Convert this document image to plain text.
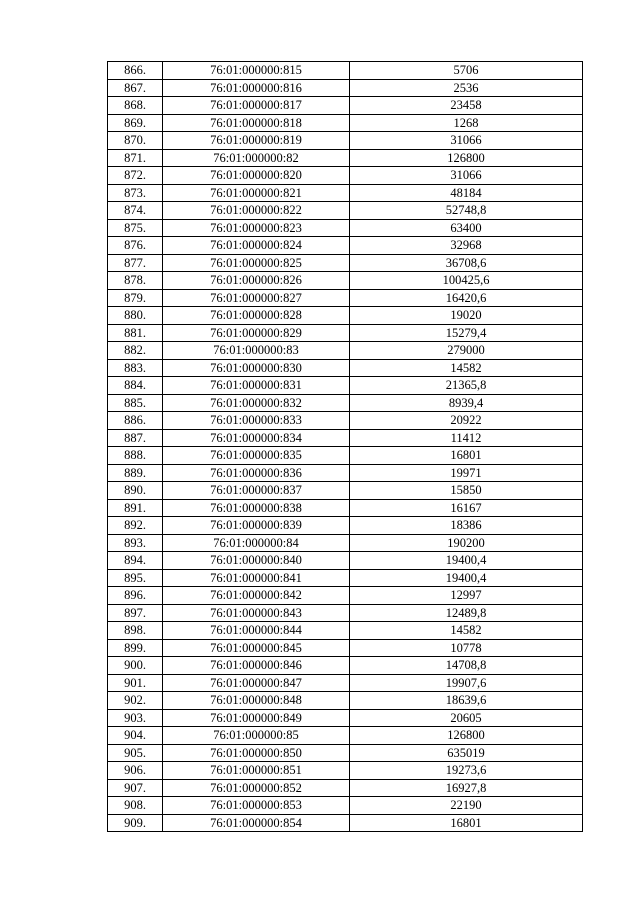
866.	76:01:000000:815	5706
867.	76:01:000000:816	2536
868.	76:01:000000:817	23458
869.	76:01:000000:818	1268
870.	76:01:000000:819	31066
871.	76:01:000000:82	126800
872.	76:01:000000:820	31066
873.	76:01:000000:821	48184
874.	76:01:000000:822	52748,8
875.	76:01:000000:823	63400
876.	76:01:000000:824	32968
877.	76:01:000000:825	36708,6
878.	76:01:000000:826	100425,6
879.	76:01:000000:827	16420,6
880.	76:01:000000:828	19020
881.	76:01:000000:829	15279,4
882.	76:01:000000:83	279000
883.	76:01:000000:830	14582
884.	76:01:000000:831	21365,8
885.	76:01:000000:832	8939,4
886.	76:01:000000:833	20922
887.	76:01:000000:834	11412
888.	76:01:000000:835	16801
889.	76:01:000000:836	19971
890.	76:01:000000:837	15850
891.	76:01:000000:838	16167
892.	76:01:000000:839	18386
893.	76:01:000000:84	190200
894.	76:01:000000:840	19400,4
895.	76:01:000000:841	19400,4
896.	76:01:000000:842	12997
897.	76:01:000000:843	12489,8
898.	76:01:000000:844	14582
899.	76:01:000000:845	10778
900.	76:01:000000:846	14708,8
901.	76:01:000000:847	19907,6
902.	76:01:000000:848	18639,6
903.	76:01:000000:849	20605
904.	76:01:000000:85	126800
905.	76:01:000000:850	635019
906.	76:01:000000:851	19273,6
907.	76:01:000000:852	16927,8
908.	76:01:000000:853	22190
909.	76:01:000000:854	16801
